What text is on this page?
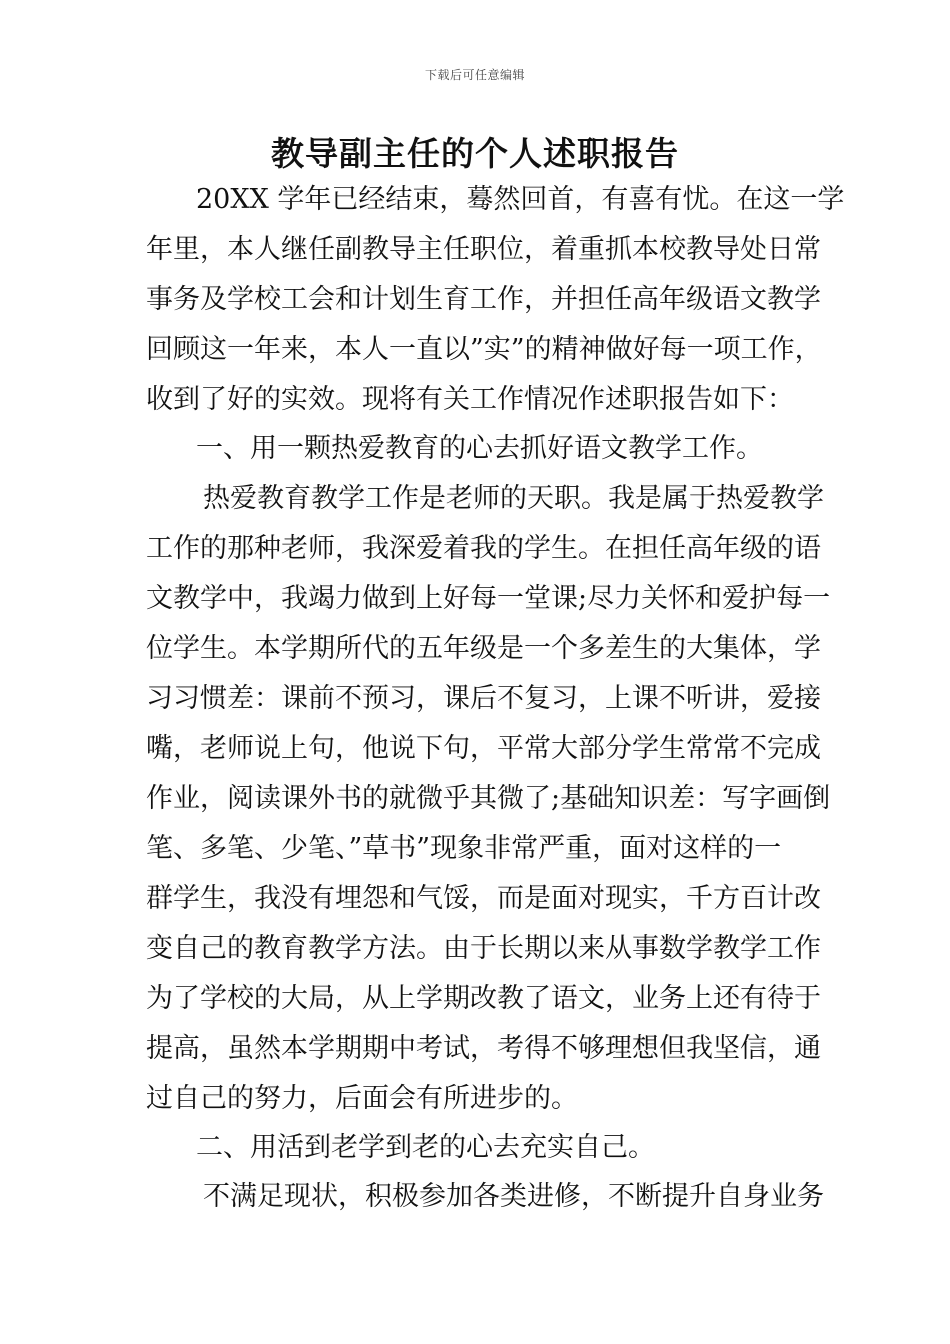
下载后可任意编辑
教导副主任的个人述职报告
20XX 学年已经结束，蓦然回首，有喜有忧。在这一学
年里，本人继任副教导主任职位，着重抓本校教导处日常
事务及学校工会和计划生育工作，并担任高年级语文教学
回顾这一年来，本人一直以”实”的精神做好每一项工作，
收到了好的实效。现将有关工作情况作述职报告如下：
一、用一颗热爱教育的心去抓好语文教学工作。
热爱教育教学工作是老师的天职。我是属于热爱教学
工作的那种老师，我深爱着我的学生。在担任高年级的语
文教学中，我竭力做到上好每一堂课;尽力关怀和爱护每一
位学生。本学期所代的五年级是一个多差生的大集体，学
习习惯差：课前不预习，课后不复习，上课不听讲，爱接
嘴，老师说上句，他说下句，平常大部分学生常常不完成
作业，阅读课外书的就微乎其微了;基础知识差：写字画倒
笔、多笔、少笔、”草书”现象非常严重，面对这样的一
群学生，我没有埋怨和气馁，而是面对现实，千方百计改
变自己的教育教学方法。由于长期以来从事数学教学工作
为了学校的大局，从上学期改教了语文，业务上还有待于
提高，虽然本学期期中考试，考得不够理想但我坚信，通
过自己的努力，后面会有所进步的。
二、用活到老学到老的心去充实自己。
不满足现状，积极参加各类进修，不断提升自身业务
